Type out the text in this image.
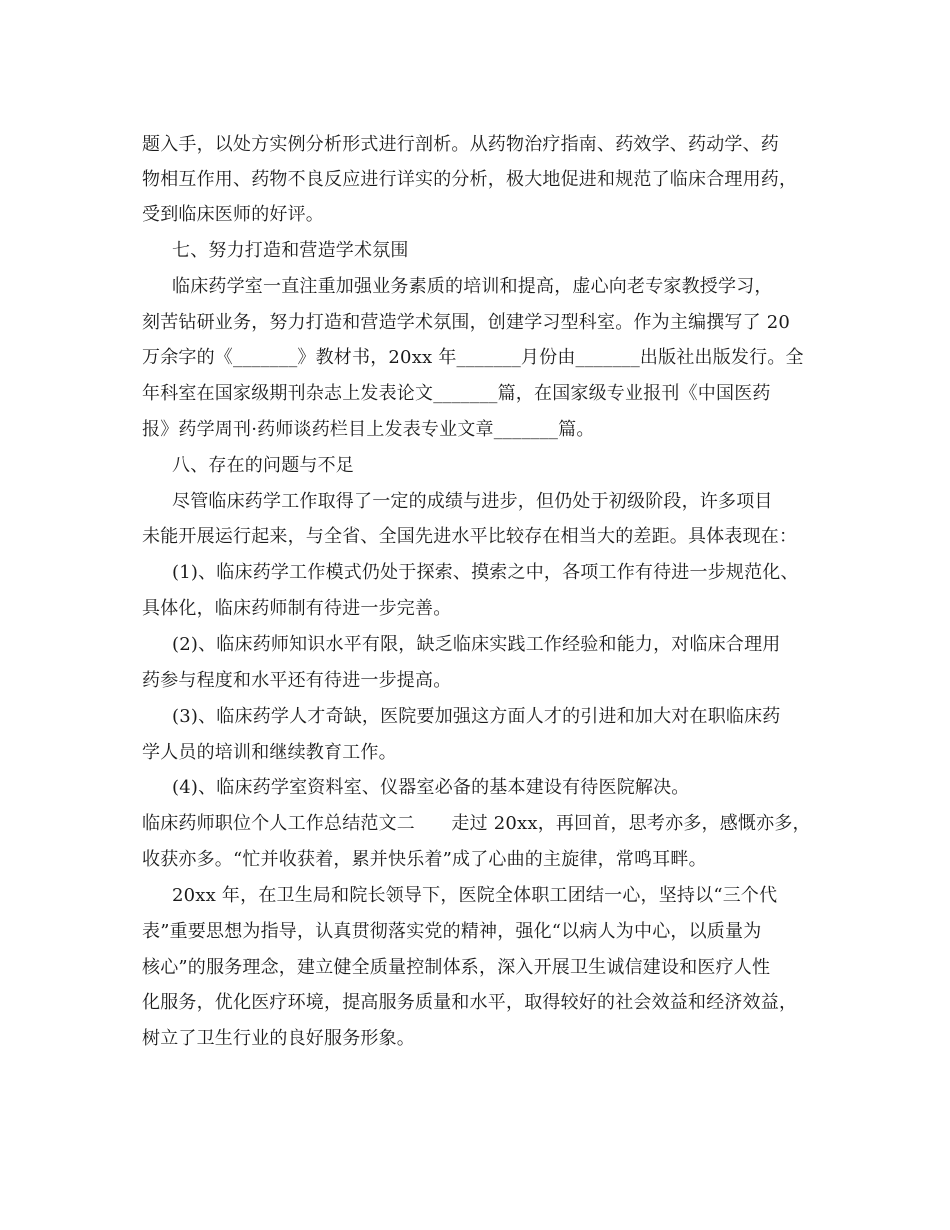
题入手，以处方实例分析形式进行剖析。从药物治疗指南、药效学、药动学、药
物相互作用、药物不良反应进行详实的分析，极大地促进和规范了临床合理用药，
受到临床医师的好评。
七、努力打造和营造学术氛围
临床药学室一直注重加强业务素质的培训和提高，虚心向老专家教授学习，
刻苦钻研业务，努力打造和营造学术氛围，创建学习型科室。作为主编撰写了 20
万余字的《_______》教材书，20xx 年_______月份由_______出版社出版发行。全
年科室在国家级期刊杂志上发表论文_______篇，在国家级专业报刊《中国医药
报》药学周刊·药师谈药栏目上发表专业文章_______篇。
八、存在的问题与不足
尽管临床药学工作取得了一定的成绩与进步，但仍处于初级阶段，许多项目
未能开展运行起来，与全省、全国先进水平比较存在相当大的差距。具体表现在：
(1)、临床药学工作模式仍处于探索、摸索之中，各项工作有待进一步规范化、
具体化，临床药师制有待进一步完善。
(2)、临床药师知识水平有限，缺乏临床实践工作经验和能力，对临床合理用
药参与程度和水平还有待进一步提高。
(3)、临床药学人才奇缺，医院要加强这方面人才的引进和加大对在职临床药
学人员的培训和继续教育工作。
(4)、临床药学室资料室、仪器室必备的基本建设有待医院解决。
临床药师职位个人工作总结范文二　　走过 20xx，再回首，思考亦多，感慨亦多，
收获亦多。“忙并收获着，累并快乐着”成了心曲的主旋律，常鸣耳畔。
20xx 年，在卫生局和院长领导下，医院全体职工团结一心，坚持以“三个代
表”重要思想为指导，认真贯彻落实党的精神，强化“以病人为中心，以质量为
核心”的服务理念，建立健全质量控制体系，深入开展卫生诚信建设和医疗人性
化服务，优化医疗环境，提高服务质量和水平，取得较好的社会效益和经济效益，
树立了卫生行业的良好服务形象。
